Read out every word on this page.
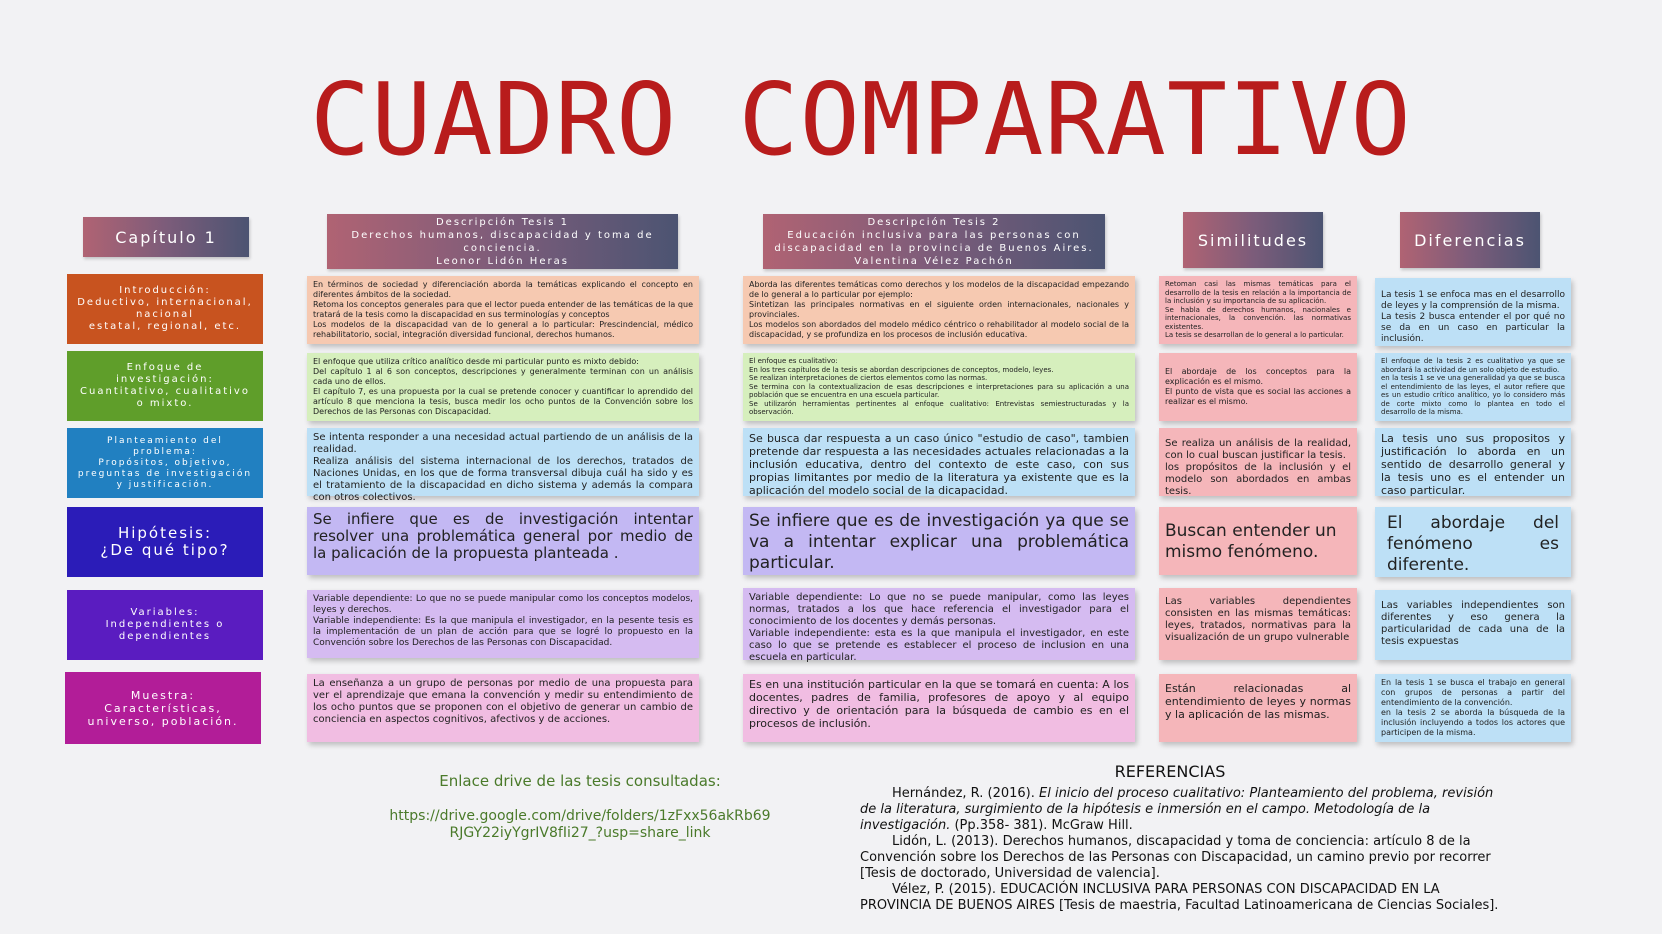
CUADRO COMPARATIVO
Capítulo 1
Descripción Tesis 1
Derechos humanos, discapacidad y toma de
conciencia.
Leonor Lidón Heras
Descripción Tesis 2
Educación inclusiva para las personas con
discapacidad en la provincia de Buenos Aires.
Valentina Vélez Pachón
Similitudes	Diferencias
Introducción:
Deductivo, internacional,
nacional
estatal, regional, etc.
En términos de sociedad y diferenciación aborda la temáticas explicando el concepto en diferentes ámbitos de la sociedad.
Retoma los conceptos generales para que el lector pueda entender de las temáticas de la que tratará de la tesis como la discapacidad en sus terminologías y conceptos
Los modelos de la discapacidad van de lo general a lo particular: Prescindencial, médico rehabilitatorio, social, integración diversidad funcional, derechos humanos.
Aborda las diferentes temáticas como derechos y los modelos de la discapacidad empezando de lo general a lo particular por ejemplo:
Sintetizan las principales normativas en el siguiente orden internacionales, nacionales y provinciales.
Los modelos son abordados del modelo médico céntrico o rehabilitador al modelo social de la discapacidad, y se profundiza en los procesos de inclusión educativa.
Retoman casi las mismas temáticas para el desarrollo de la tesis en relación a la importancia de la inclusión y su importancia de su aplicación.
Se habla de derechos humanos, nacionales e internacionales, la convención. las normativas existentes.
La tesis se desarrollan de lo general a lo particular.
La tesis 1 se enfoca mas en el desarrollo de leyes y la comprensión de la misma.
La tesis 2 busca entender el por qué no se da en un caso en particular la inclusión.
Enfoque de
investigación:
Cuantitativo, cualitativo
o mixto.
El enfoque que utiliza crítico analítico desde mi particular punto es mixto debido:
Del capítulo 1 al 6 son conceptos, descripciones y generalmente terminan con un análisis cada uno de ellos.
El capítulo 7, es una propuesta por la cual se pretende conocer y cuantificar lo aprendido del artículo 8 que menciona la tesis, busca medir los ocho puntos de la Convención sobre los Derechos de las Personas con Discapacidad.
El enfoque es cualitativo:
En los tres capítulos de la tesis se abordan descripciones de conceptos, modelo, leyes.
Se realizan interpretaciones de ciertos elementos como las normas.
Se termina con la contextualizacion de esas descripciones e interpretaciones para su aplicación a una población que se encuentra en una escuela particular.
Se utilizarón herramientas pertinentes al enfoque cualitativo: Entrevistas semiestructuradas y la observación.
El abordaje de los conceptos para la explicación es el mismo.
El punto de vista que es social las acciones a realizar es el mismo.
El enfoque de la tesis 2 es cualitativo ya que se abordará la actividad de un solo objeto de estudio.
en la tesis 1 se ve una generalidad ya que se busca el entendimiento de las leyes, el autor refiere que es un estudio crítico analítico, yo lo considero más de corte mixto como lo plantea en todo el desarrollo de la misma.
Planteamiento del
problema:
Propósitos, objetivo,
preguntas de investigación
y justificación.
Se intenta responder a una necesidad actual partiendo de un análisis de la realidad.
Realiza análisis del sistema internacional de los derechos, tratados de Naciones Unidas, en los que de forma transversal dibuja cuál ha sido y es el tratamiento de la discapacidad en dicho sistema y además la compara con otros colectivos.
Se busca dar respuesta a un caso único "estudio de caso", tambien pretende dar respuesta a las necesidades actuales relacionadas a la inclusión educativa, dentro del contexto de este caso, con sus propias limitantes por medio de la literatura ya existente que es la aplicación del modelo social de la dicapacidad.
Se realiza un análisis de la realidad, con lo cual buscan justificar la tesis.
los propósitos de la inclusión y el modelo son abordados en ambas tesis.
La tesis uno sus propositos y justificación lo aborda en un sentido de desarrollo general y la tesis uno es el entender un caso particular.
Hipótesis:
¿De qué tipo?
Se infiere que es de investigación intentar resolver una problemática general por medio de la palicación de la propuesta planteada .
Se infiere que es de investigación ya que se va a intentar explicar una problemática particular.
Buscan entender un mismo fenómeno.
El abordaje del fenómeno es diferente.
Variables:
Independientes o
dependientes
Variable dependiente: Lo que no se puede manipular como los conceptos modelos, leyes y derechos.
Variable independiente: Es la que manipula el investigador, en la pesente tesis es la implementación de un plan de acción para que se logré lo propuesto en la Convención sobre los Derechos de las Personas con Discapacidad.
Variable dependiente: Lo que no se puede manipular, como las leyes normas, tratados a los que hace referencia el investigador para el conocimiento de los docentes y demás personas.
Variable independiente: esta es la que manipula el investigador, en este caso lo que se pretende es establecer el proceso de inclusion en una escuela en particular.
Las variables dependientes consisten en las mismas temáticas: leyes, tratados, normativas para la visualización de un grupo vulnerable
Las variables independientes son diferentes y eso genera la particularidad de cada una de la tesis expuestas
Muestra:
Características,
universo, población.
La enseñanza a un grupo de personas por medio de una propuesta para ver el aprendizaje que emana la convención y medir su entendimiento de los ocho puntos que se proponen con el objetivo de generar un cambio de conciencia en aspectos cognitivos, afectivos y de acciones.
Es en una institución particular en la que se tomará en cuenta: A los docentes, padres de familia, profesores de apoyo y al equipo directivo y de orientación para la búsqueda de cambio es en el procesos de inclusión.
Están relacionadas al entendimiento de leyes y normas y la aplicación de las mismas.
En la tesis 1 se busca el trabajo en general con grupos de personas a partir del entendimiento de la convención.
en la tesis 2 se aborda la búsqueda de la inclusión incluyendo a todos los actores que participen de la misma.
Enlace drive de las tesis consultadas:
https://drive.google.com/drive/folders/1zFxx56akRb69
RJGY22iyYgrIV8fIi27_?usp=share_link
REFERENCIAS

Hernández, R. (2016). El inicio del proceso cualitativo: Planteamiento del problema, revisión de la literatura, surgimiento de la hipótesis e inmersión en el campo. Metodología de la investigación. (Pp.358- 381). McGraw Hill.

Lidón, L. (2013). Derechos humanos, discapacidad y toma de conciencia: artículo 8 de la Convención sobre los Derechos de las Personas con Discapacidad, un camino previo por recorrer [Tesis de doctorado, Universidad de valencia].

Vélez, P. (2015). EDUCACIÓN INCLUSIVA PARA PERSONAS CON DISCAPACIDAD EN LA PROVINCIA DE BUENOS AIRES [Tesis de maestria, Facultad Latinoamericana de Ciencias Sociales].
